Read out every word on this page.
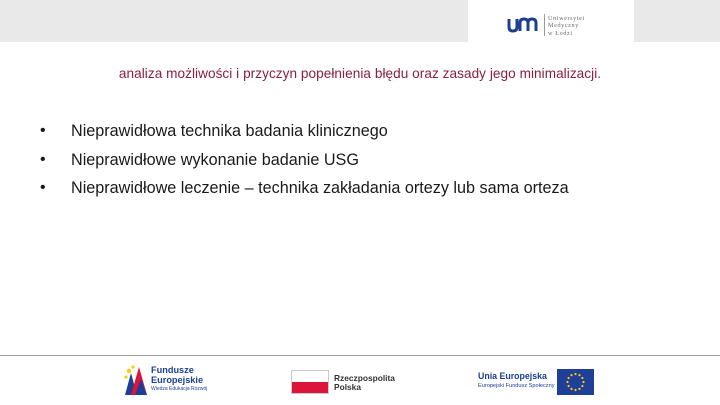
Uniwersytet
Medyczny
w Łodzi
analiza możliwości i przyczyn popełnienia błędu oraz zasady jego minimalizacji.
• Nieprawidłowa technika badania klinicznego
• Nieprawidłowe wykonanie badanie USG
• Nieprawidłowe leczenie – technika zakładania ortezy lub sama orteza
Fundusze
Europejskie
Wiedza Edukacja Rozwój
Rzeczpospolita
Polska
Unia Europejska
Europejski Fundusz Społeczny
